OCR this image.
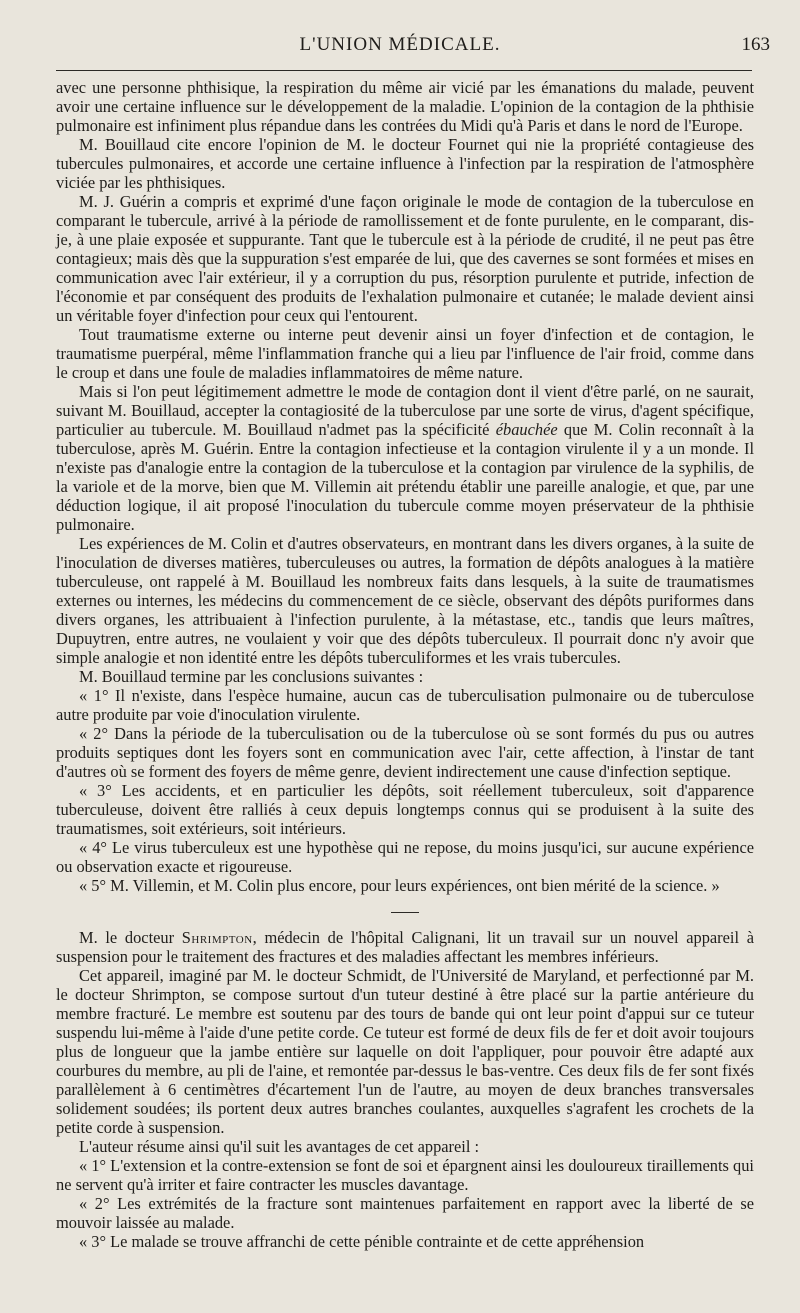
L'UNION MÉDICALE.	163

avec une personne phthisique, la respiration du même air vicié par les émanations du malade, peuvent avoir une certaine influence sur le développement de la maladie. L'opinion de la contagion de la phthisie pulmonaire est infiniment plus répandue dans les contrées du Midi qu'à Paris et dans le nord de l'Europe.

M. Bouillaud cite encore l'opinion de M. le docteur Fournet qui nie la propriété contagieuse des tubercules pulmonaires, et accorde une certaine influence à l'infection par la respiration de l'atmosphère viciée par les phthisiques.

M. J. Guérin a compris et exprimé d'une façon originale le mode de contagion de la tuberculose en comparant le tubercule, arrivé à la période de ramollissement et de fonte purulente, en le comparant, dis-je, à une plaie exposée et suppurante. Tant que le tubercule est à la période de crudité, il ne peut pas être contagieux; mais dès que la suppuration s'est emparée de lui, que des cavernes se sont formées et mises en communication avec l'air extérieur, il y a corruption du pus, résorption purulente et putride, infection de l'économie et par conséquent des produits de l'exhalation pulmonaire et cutanée; le malade devient ainsi un véritable foyer d'infection pour ceux qui l'entourent.

Tout traumatisme externe ou interne peut devenir ainsi un foyer d'infection et de contagion, le traumatisme puerpéral, même l'inflammation franche qui a lieu par l'influence de l'air froid, comme dans le croup et dans une foule de maladies inflammatoires de même nature.

Mais si l'on peut légitimement admettre le mode de contagion dont il vient d'être parlé, on ne saurait, suivant M. Bouillaud, accepter la contagiosité de la tuberculose par une sorte de virus, d'agent spécifique, particulier au tubercule. M. Bouillaud n'admet pas la spécificité ébauchée que M. Colin reconnaît à la tuberculose, après M. Guérin. Entre la contagion infectieuse et la contagion virulente il y a un monde. Il n'existe pas d'analogie entre la contagion de la tuberculose et la contagion par virulence de la syphilis, de la variole et de la morve, bien que M. Villemin ait prétendu établir une pareille analogie, et que, par une déduction logique, il ait proposé l'inoculation du tubercule comme moyen préservateur de la phthisie pulmonaire.

Les expériences de M. Colin et d'autres observateurs, en montrant dans les divers organes, à la suite de l'inoculation de diverses matières, tuberculeuses ou autres, la formation de dépôts analogues à la matière tuberculeuse, ont rappelé à M. Bouillaud les nombreux faits dans lesquels, à la suite de traumatismes externes ou internes, les médecins du commencement de ce siècle, observant des dépôts puriformes dans divers organes, les attribuaient à l'infection purulente, à la métastase, etc., tandis que leurs maîtres, Dupuytren, entre autres, ne voulaient y voir que des dépôts tuberculeux. Il pourrait donc n'y avoir que simple analogie et non identité entre les dépôts tuberculiformes et les vrais tubercules.

M. Bouillaud termine par les conclusions suivantes :

« 1° Il n'existe, dans l'espèce humaine, aucun cas de tuberculisation pulmonaire ou de tuberculose autre produite par voie d'inoculation virulente.

« 2° Dans la période de la tuberculisation ou de la tuberculose où se sont formés du pus ou autres produits septiques dont les foyers sont en communication avec l'air, cette affection, à l'instar de tant d'autres où se forment des foyers de même genre, devient indirectement une cause d'infection septique.

« 3° Les accidents, et en particulier les dépôts, soit réellement tuberculeux, soit d'apparence tuberculeuse, doivent être ralliés à ceux depuis longtemps connus qui se produisent à la suite des traumatismes, soit extérieurs, soit intérieurs.

« 4° Le virus tuberculeux est une hypothèse qui ne repose, du moins jusqu'ici, sur aucune expérience ou observation exacte et rigoureuse.

« 5° M. Villemin, et M. Colin plus encore, pour leurs expériences, ont bien mérité de la science. »

M. le docteur Shrimpton, médecin de l'hôpital Calignani, lit un travail sur un nouvel appareil à suspension pour le traitement des fractures et des maladies affectant les membres inférieurs.

Cet appareil, imaginé par M. le docteur Schmidt, de l'Université de Maryland, et perfectionné par M. le docteur Shrimpton, se compose surtout d'un tuteur destiné à être placé sur la partie antérieure du membre fracturé. Le membre est soutenu par des tours de bande qui ont leur point d'appui sur ce tuteur suspendu lui-même à l'aide d'une petite corde. Ce tuteur est formé de deux fils de fer et doit avoir toujours plus de longueur que la jambe entière sur laquelle on doit l'appliquer, pour pouvoir être adapté aux courbures du membre, au pli de l'aine, et remontée par-dessus le bas-ventre. Ces deux fils de fer sont fixés parallèlement à 6 centimètres d'écartement l'un de l'autre, au moyen de deux branches transversales solidement soudées; ils portent deux autres branches coulantes, auxquelles s'agrafent les crochets de la petite corde à suspension.

L'auteur résume ainsi qu'il suit les avantages de cet appareil :

« 1° L'extension et la contre-extension se font de soi et épargnent ainsi les douloureux tiraillements qui ne servent qu'à irriter et faire contracter les muscles davantage.

« 2° Les extrémités de la fracture sont maintenues parfaitement en rapport avec la liberté de se mouvoir laissée au malade.

« 3° Le malade se trouve affranchi de cette pénible contrainte et de cette appréhension
